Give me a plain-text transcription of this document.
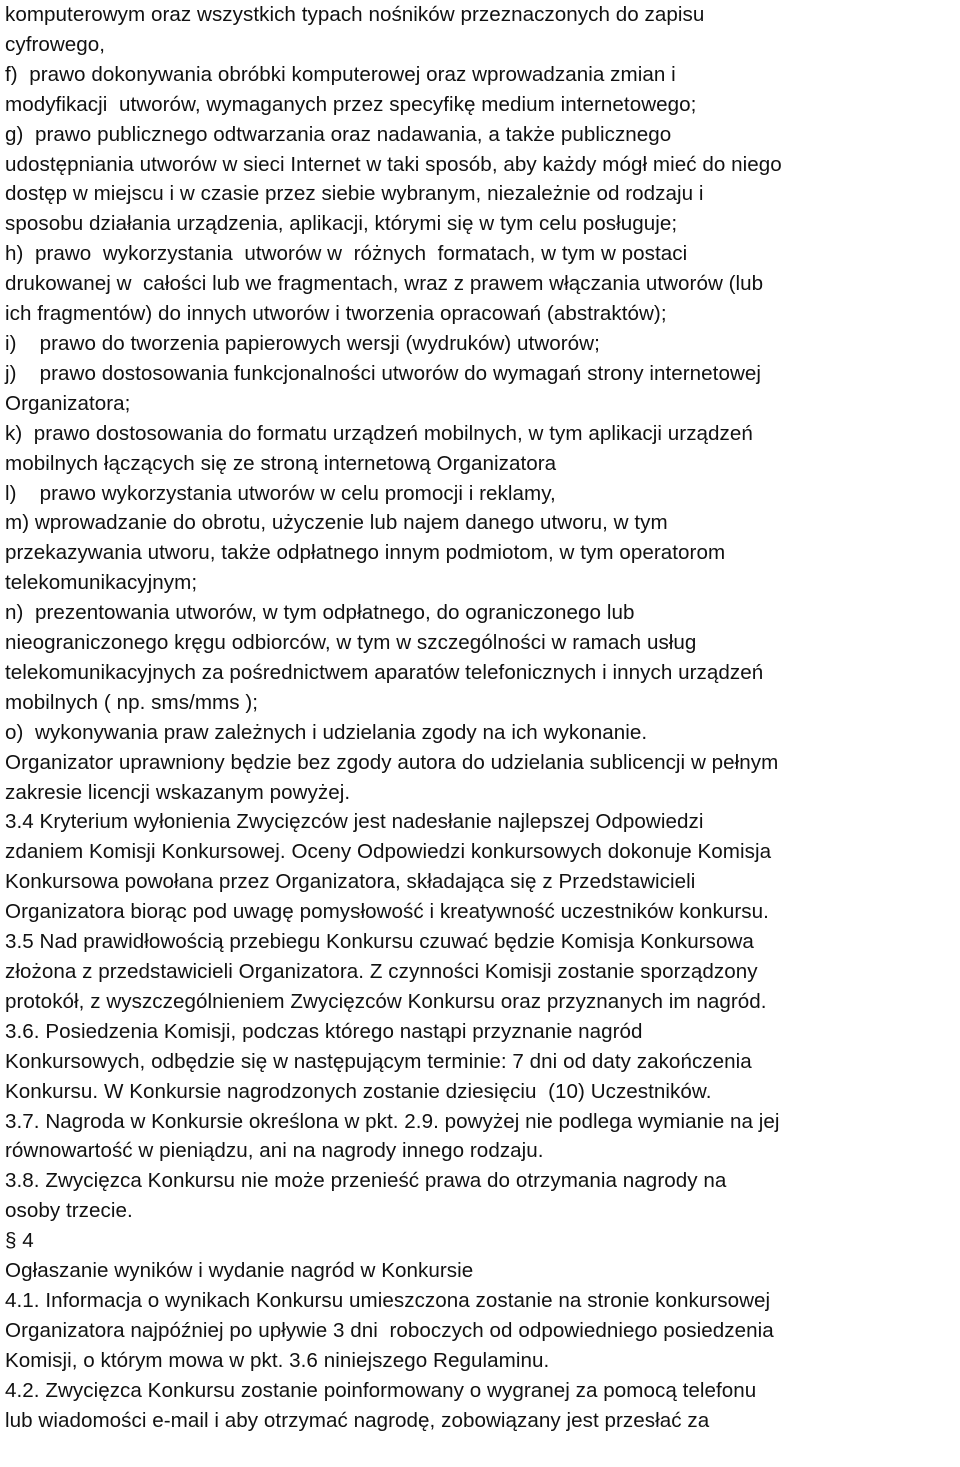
komputerowym oraz wszystkich typach nośników przeznaczonych do zapisu
cyfrowego,
f)  prawo dokonywania obróbki komputerowej oraz wprowadzania zmian i
modyfikacji  utworów, wymaganych przez specyfikę medium internetowego;
g)  prawo publicznego odtwarzania oraz nadawania, a także publicznego
udostępniania utworów w sieci Internet w taki sposób, aby każdy mógł mieć do niego
dostęp w miejscu i w czasie przez siebie wybranym, niezależnie od rodzaju i
sposobu działania urządzenia, aplikacji, którymi się w tym celu posługuje;
h)  prawo  wykorzystania  utworów w  różnych  formatach, w tym w postaci
drukowanej w  całości lub we fragmentach, wraz z prawem włączania utworów (lub
ich fragmentów) do innych utworów i tworzenia opracowań (abstraktów);
i)    prawo do tworzenia papierowych wersji (wydruków) utworów;
j)    prawo dostosowania funkcjonalności utworów do wymagań strony internetowej
Organizatora;
k)  prawo dostosowania do formatu urządzeń mobilnych, w tym aplikacji urządzeń
mobilnych łączących się ze stroną internetową Organizatora
l)    prawo wykorzystania utworów w celu promocji i reklamy,
m) wprowadzanie do obrotu, użyczenie lub najem danego utworu, w tym
przekazywania utworu, także odpłatnego innym podmiotom, w tym operatorom
telekomunikacyjnym;
n)  prezentowania utworów, w tym odpłatnego, do ograniczonego lub
nieograniczonego kręgu odbiorców, w tym w szczególności w ramach usług
telekomunikacyjnych za pośrednictwem aparatów telefonicznych i innych urządzeń
mobilnych ( np. sms/mms );
o)  wykonywania praw zależnych i udzielania zgody na ich wykonanie.
Organizator uprawniony będzie bez zgody autora do udzielania sublicencji w pełnym
zakresie licencji wskazanym powyżej.
3.4 Kryterium wyłonienia Zwycięzców jest nadesłanie najlepszej Odpowiedzi
zdaniem Komisji Konkursowej. Oceny Odpowiedzi konkursowych dokonuje Komisja
Konkursowa powołana przez Organizatora, składająca się z Przedstawicieli
Organizatora biorąc pod uwagę pomysłowość i kreatywność uczestników konkursu.
3.5 Nad prawidłowością przebiegu Konkursu czuwać będzie Komisja Konkursowa
złożona z przedstawicieli Organizatora. Z czynności Komisji zostanie sporządzony
protokół, z wyszczególnieniem Zwycięzców Konkursu oraz przyznanych im nagród.
3.6. Posiedzenia Komisji, podczas którego nastąpi przyznanie nagród
Konkursowych, odbędzie się w następującym terminie: 7 dni od daty zakończenia
Konkursu. W Konkursie nagrodzonych zostanie dziesięciu  (10) Uczestników.
3.7. Nagroda w Konkursie określona w pkt. 2.9. powyżej nie podlega wymianie na jej
równowartość w pieniądzu, ani na nagrody innego rodzaju.
3.8. Zwycięzca Konkursu nie może przenieść prawa do otrzymania nagrody na
osoby trzecie.
§ 4
Ogłaszanie wyników i wydanie nagród w Konkursie
4.1. Informacja o wynikach Konkursu umieszczona zostanie na stronie konkursowej
Organizatora najpóźniej po upływie 3 dni  roboczych od odpowiedniego posiedzenia
Komisji, o którym mowa w pkt. 3.6 niniejszego Regulaminu.
4.2. Zwycięzca Konkursu zostanie poinformowany o wygranej za pomocą telefonu
lub wiadomości e-mail i aby otrzymać nagrodę, zobowiązany jest przesłać za
